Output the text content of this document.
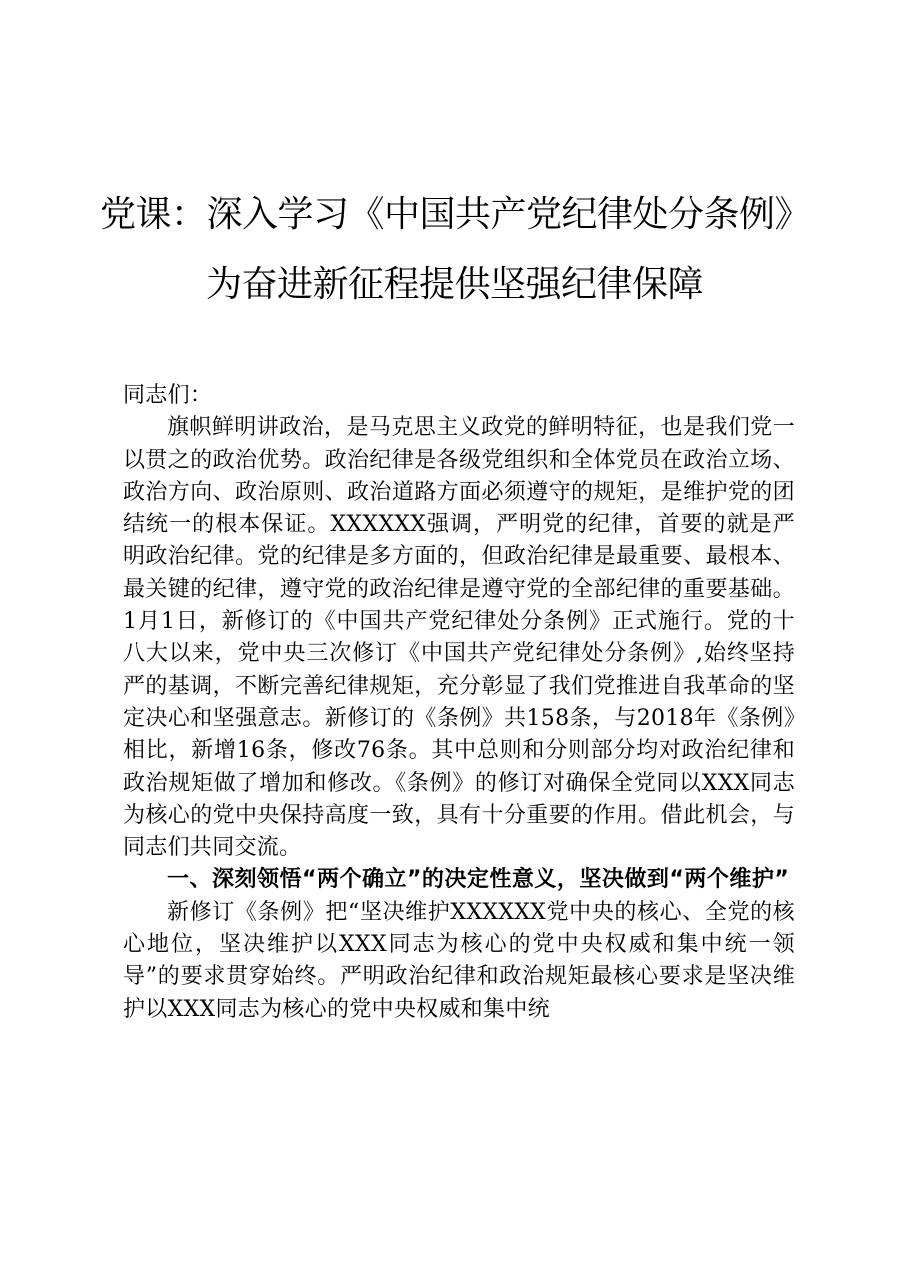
党课：深入学习《中国共产党纪律处分条例》
为奋进新征程提供坚强纪律保障

同志们：

旗帜鲜明讲政治，是马克思主义政党的鲜明特征，也是我们党一以贯之的政治优势。政治纪律是各级党组织和全体党员在政治立场、政治方向、政治原则、政治道路方面必须遵守的规矩，是维护党的团结统一的根本保证。XXXXXX强调，严明党的纪律，首要的就是严明政治纪律。党的纪律是多方面的，但政治纪律是最重要、最根本、最关键的纪律，遵守党的政治纪律是遵守党的全部纪律的重要基础。1月1日，新修订的《中国共产党纪律处分条例》正式施行。党的十八大以来，党中央三次修订《中国共产党纪律处分条例》,始终坚持严的基调，不断完善纪律规矩，充分彰显了我们党推进自我革命的坚定决心和坚强意志。新修订的《条例》共158条，与2018年《条例》相比，新增16条，修改76条。其中总则和分则部分均对政治纪律和政治规矩做了增加和修改。《条例》的修订对确保全党同以XXX同志为核心的党中央保持高度一致，具有十分重要的作用。借此机会，与同志们共同交流。

一、深刻领悟“两个确立”的决定性意义，坚决做到“两个维护”

新修订《条例》把“坚决维护XXXXXX党中央的核心、全党的核心地位，坚决维护以XXX同志为核心的党中央权威和集中统一领导”的要求贯穿始终。严明政治纪律和政治规矩最核心要求是坚决维护以XXX同志为核心的党中央权威和集中统
